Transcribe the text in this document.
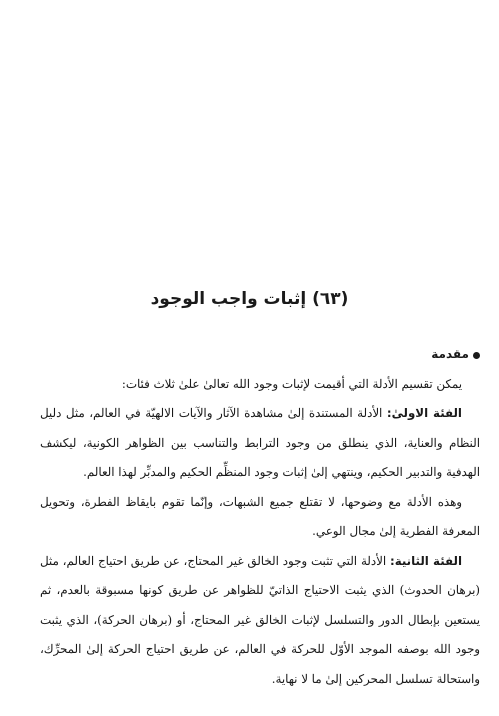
(٦٣) إثبات واجب الوجود

مقدمة

يمكن تقسيم الأدلة التي أقيمت لإثبات وجود الله تعالىٰ علىٰ ثلاث فئات:

الفئة الاولىٰ: الأدلة المستندة إلىٰ مشاهدة الآثار والآيات الالهيّة في العالم، مثل دليل النظام والعناية، الذي ينطلق من وجود الترابط والتناسب بين الظواهر الكونية، ليكشف الهدفية والتدبير الحكيم، وينتهي إلىٰ إثبات وجود المنظِّم الحكيم والمدبِّر لهذا العالم.

وهذه الأدلة مع وضوحها، لا تقتلع جميع الشبهات، وإنّما تقوم بايقاظ الفطرة، وتحويل المعرفة الفطرية إلىٰ مجال الوعي.

الفئة الثانية: الأدلة التي تثبت وجود الخالق غير المحتاج، عن طريق احتياج العالم، مثل (برهان الحدوث) الذي يثبت الاحتياج الذاتيّ للظواهر عن طريق كونها مسبوقة بالعدم، ثم يستعين بإبطال الدور والتسلسل لإثبات الخالق غير المحتاج، أو (برهان الحركة)، الذي يثبت وجود الله بوصفه الموجد الأوّل للحركة في العالم، عن طريق احتياج الحركة إلىٰ المحرِّك، واستحالة تسلسل المحركين إلىٰ ما لا نهاية.
